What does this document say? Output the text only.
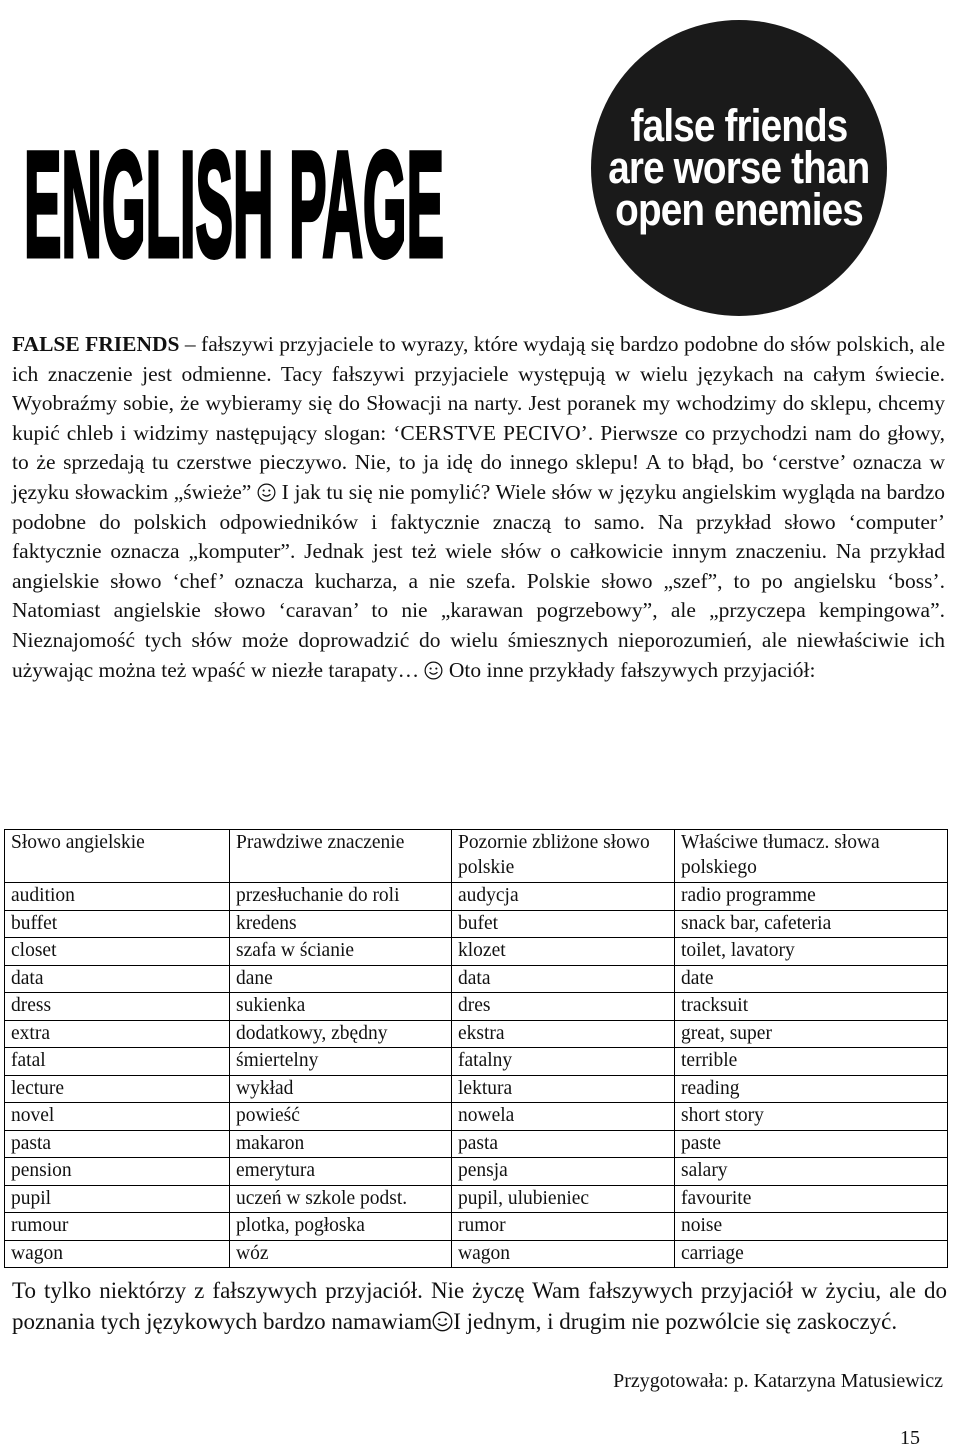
ENGLISH PAGE	false friends
are worse than
open enemies

FALSE FRIENDS – fałszywi przyjaciele to wyrazy, które wydają się bardzo podobne do słów polskich, ale ich znaczenie jest odmienne. Tacy fałszywi przyjaciele występują w wielu językach na całym świecie. Wyobraźmy sobie, że wybieramy się do Słowacji na narty. Jest poranek my wchodzimy do sklepu, chcemy kupić chleb i widzimy następujący slogan: ‘CERSTVE PECIVO’. Pierwsze co przychodzi nam do głowy, to że sprzedają tu czerstwe pieczywo. Nie, to ja idę do innego sklepu! A to błąd, bo ‘cerstve’ oznacza w języku słowackim „świeże”  I jak tu się nie pomylić? Wiele słów w języku angielskim wygląda na bardzo podobne do polskich odpowiedników i faktycznie znaczą to samo. Na przykład słowo ‘computer’ faktycznie oznacza „komputer”. Jednak jest też wiele słów o całkowicie innym znaczeniu. Na przykład angielskie słowo ‘chef’ oznacza kucharza, a nie szefa. Polskie słowo „szef”, to po angielsku ‘boss’. Natomiast angielskie słowo ‘caravan’ to nie „karawan pogrzebowy”, ale „przyczepa kempingowa”. Nieznajomość tych słów może doprowadzić do wielu śmiesznych nieporozumień, ale niewłaściwie ich używając można też wpaść w niezłe tarapaty…  Oto inne przykłady fałszywych przyjaciół:

Słowo angielskie	Prawdziwe znaczenie	Pozornie zbliżone słowo polskie	Właściwe tłumacz. słowa polskiego
audition	przesłuchanie do roli	audycja	radio programme
buffet	kredens	bufet	snack bar, cafeteria
closet	szafa w ścianie	klozet	toilet, lavatory
data	dane	data	date
dress	sukienka	dres	tracksuit
extra	dodatkowy, zbędny	ekstra	great, super
fatal	śmiertelny	fatalny	terrible
lecture	wykład	lektura	reading
novel	powieść	nowela	short story
pasta	makaron	pasta	paste
pension	emerytura	pensja	salary
pupil	uczeń w szkole podst.	pupil, ulubieniec	favourite
rumour	plotka, pogłoska	rumor	noise
wagon	wóz	wagon	carriage

To tylko niektórzy z fałszywych przyjaciół. Nie życzę Wam fałszywych przyjaciół w życiu, ale do poznania tych językowych bardzo namawiam I jednym, i drugim nie pozwólcie się zaskoczyć.

Przygotowała: p. Katarzyna Matusiewicz
15
